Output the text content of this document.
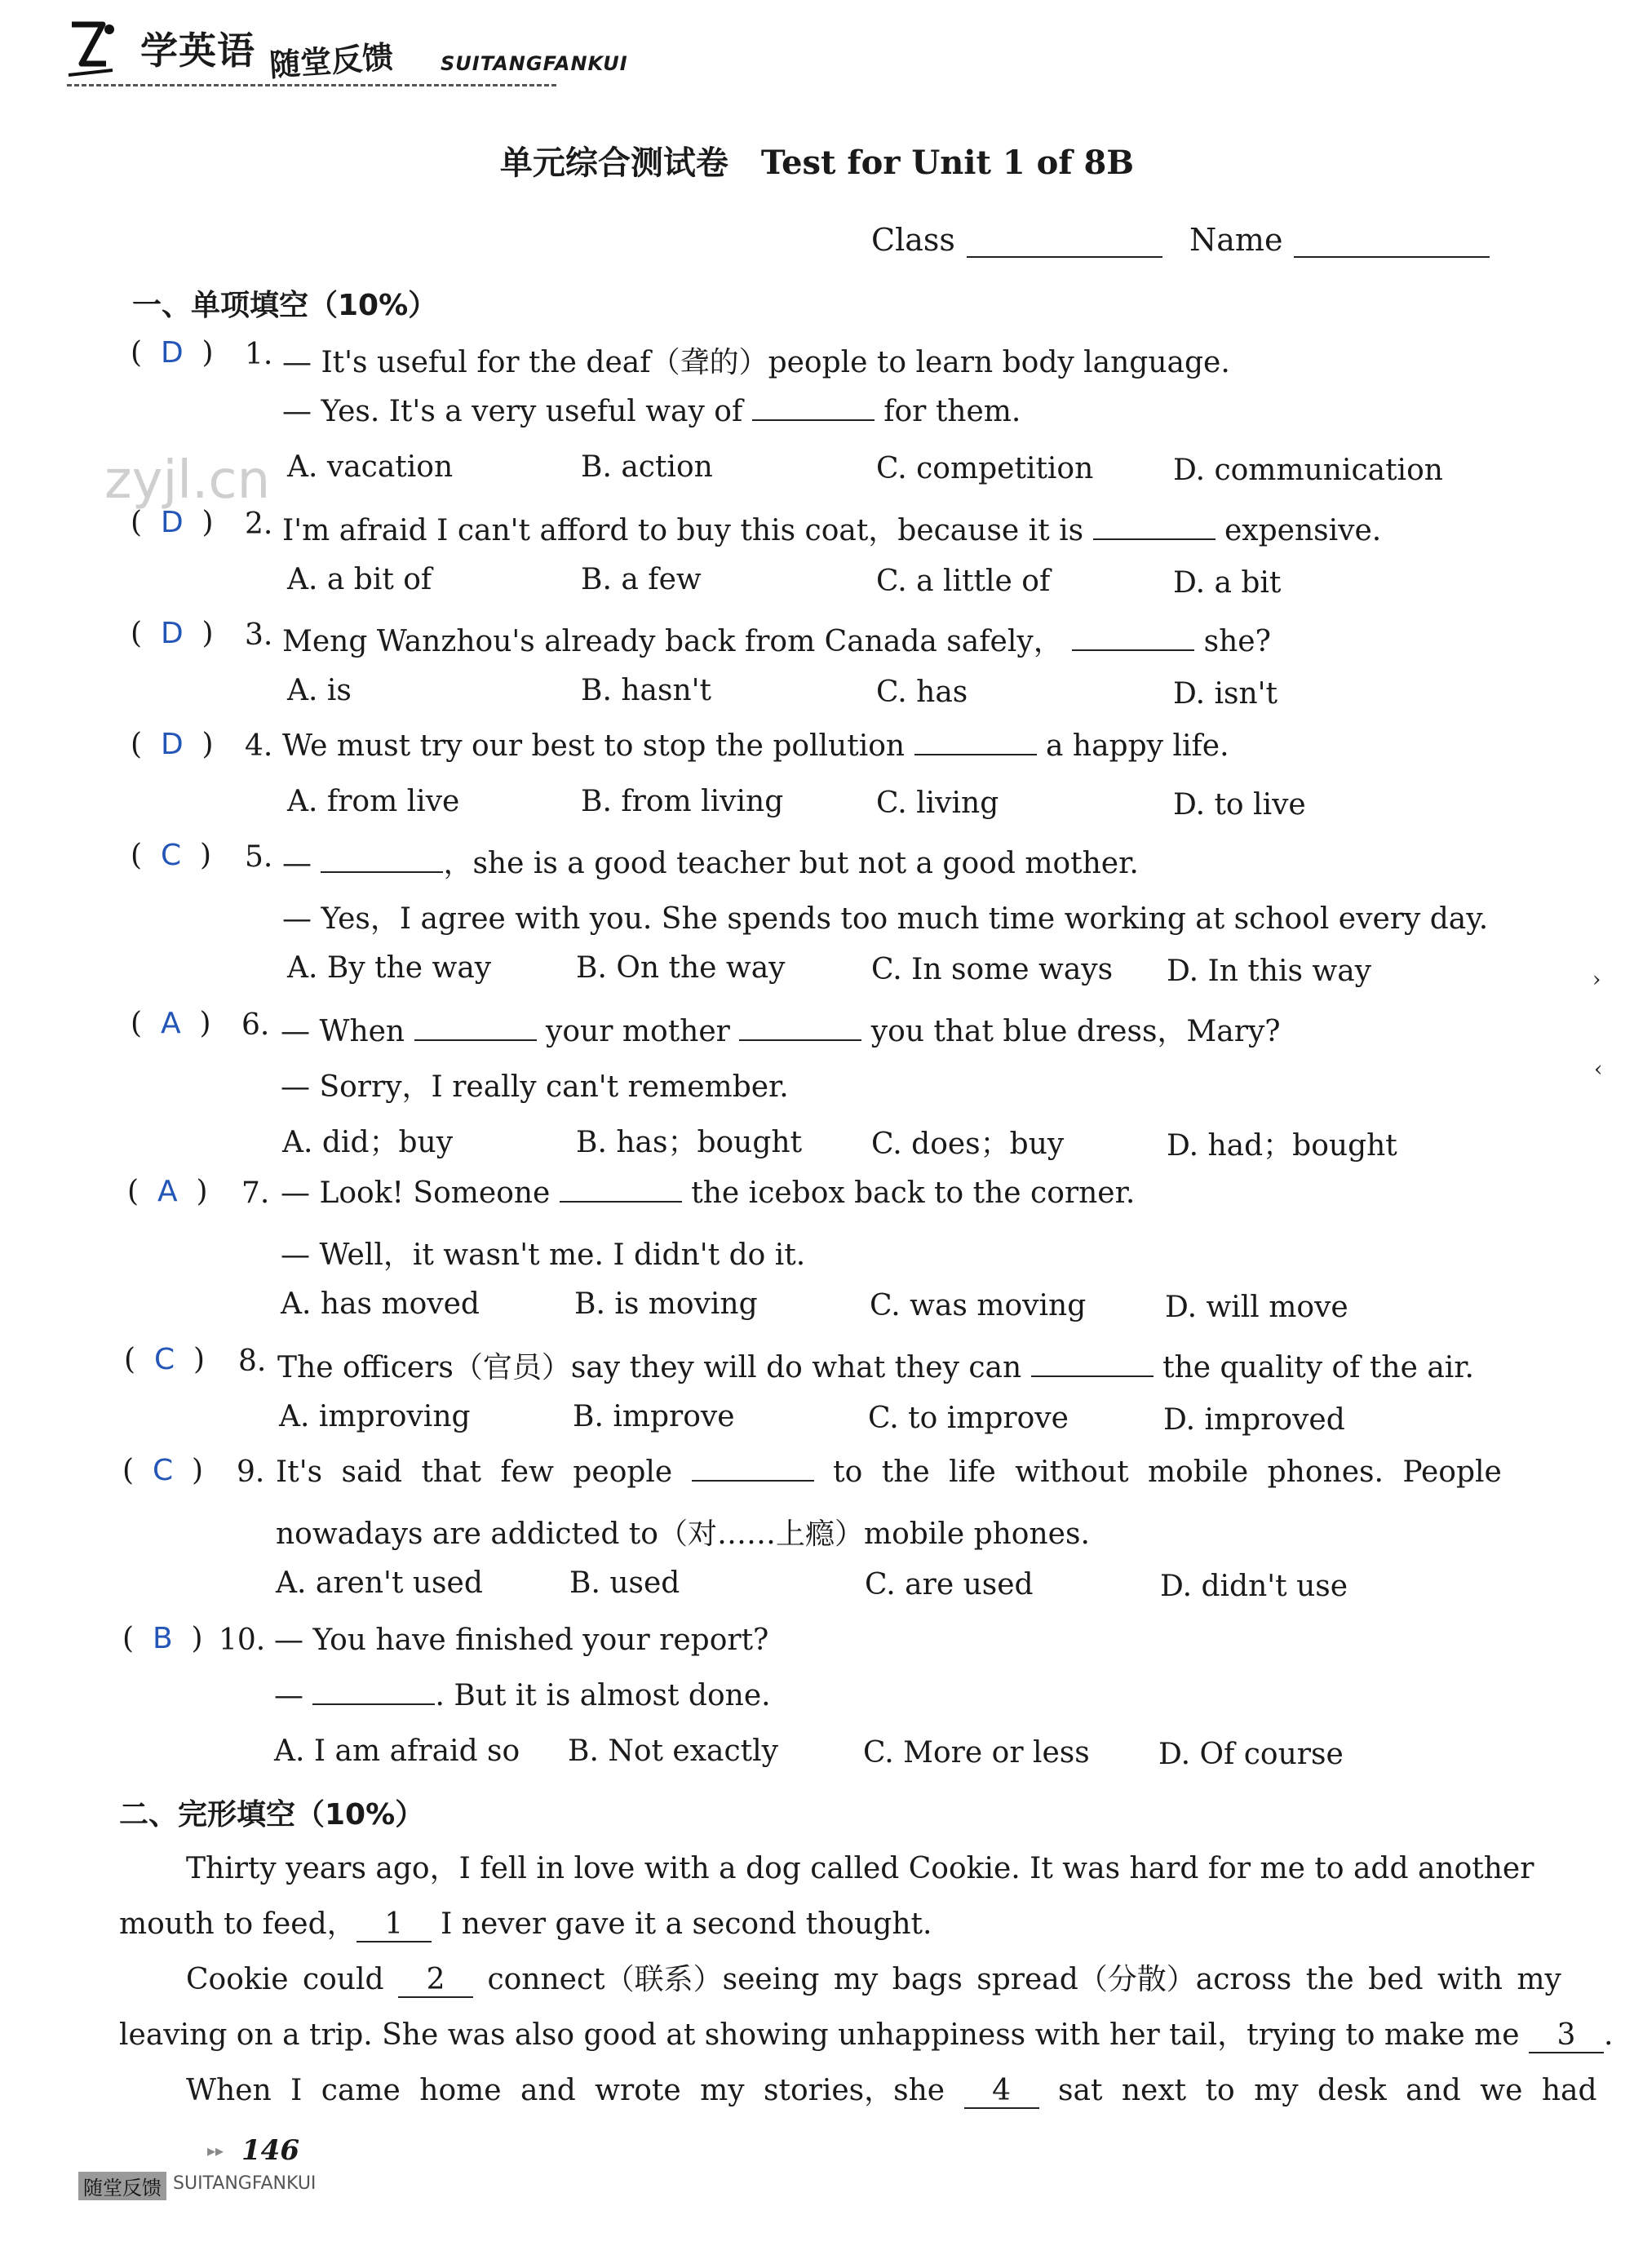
学英语 随堂反馈 SUITANGFANKUI
单元综合测试卷　Test for Unit 1 of 8B
Class	Name
一、单项填空（10%）
zyjl.cn
(  D  ) 1. — It's useful for the deaf（聋的）people to learn body language.
— Yes. It's a very useful way of	for them.
A. vacation	B. action	C. competition	D. communication
(  D  ) 2. I'm afraid I can't afford to buy this coat，because it is	expensive.
A. a bit of	B. a few	C. a little of	D. a bit
(  D  ) 3. Meng Wanzhou's already back from Canada safely，	she?
A. is	B. hasn't	C. has	D. isn't
(  D  ) 4. We must try our best to stop the pollution	a happy life.
A. from live	B. from living	C. living	D. to live
(  C  ) 5. —	，she is a good teacher but not a good mother.
— Yes，I agree with you. She spends too much time working at school every day.
A. By the way	B. On the way	C. In some ways D. In this way
(  A  ) 6. — When	your mother	you that blue dress，Mary?
— Sorry，I really can't remember.
A. did；buy	B. has；bought C. does；buy	D. had；bought
(  A  ) 7. — Look! Someone	the icebox back to the corner.
— Well，it wasn't me. I didn't do it.
A. has moved	B. is moving	C. was moving	D. will move
(  C  ) 8. The officers（官员）say they will do what they can	the quality of the air.
A. improving	B. improve	C. to improve	D. improved
(  C  ) 9. It's said that few people	to the life without mobile phones. People
nowadays are addicted to（对……上瘾）mobile phones.
A. aren't used	B. used	C. are used	D. didn't use
(  B  ) 10. — You have finished your report?
—	. But it is almost done.
A. I am afraid so B. Not exactly	C. More or less D. Of course
二、完形填空（10%）
Thirty years ago，I fell in love with a dog called Cookie. It was hard for me to add another
mouth to feed， 1 I never gave it a second thought.
Cookie could 2 connect（联系）seeing my bags spread（分散）across the bed with my
leaving on a trip. She was also good at showing unhappiness with her tail，trying to make me 3 .
When I came home and wrote my stories，she 4 sat next to my desk and we had
›
‹
▸▸ 146
随堂反馈 SUITANGFANKUI
